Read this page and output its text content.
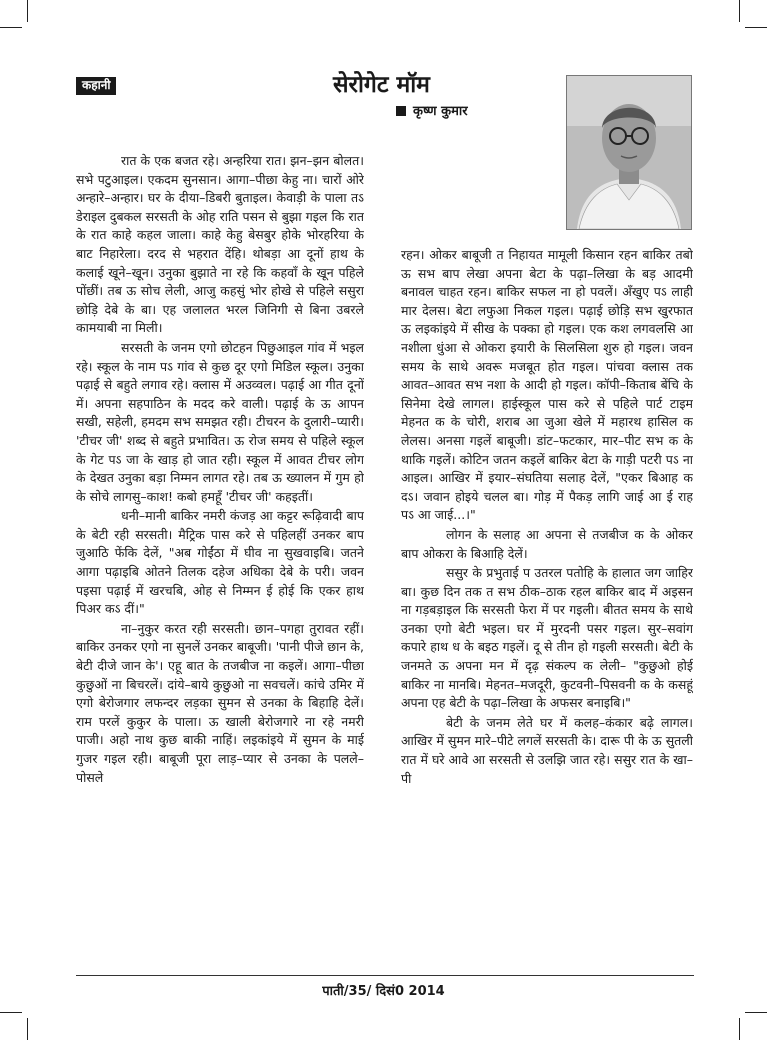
कहानी	सेरोगेट मॉम
कृष्ण कुमार

रात के एक बजत रहे। अन्हरिया रात। झन–झन बोलत। सभे पटुआइल। एकदम सुनसान। आगा–पीछा केहु ना। चारों ओरे अन्हारे–अन्हार। घर के दीया–डिबरी बुताइल। केवाड़ी के पाला तऽ डेराइल दुबकल सरसती के ओह राति पसन से बुझा गइल कि रात के रात काहे कहल जाला। काहे केहु बेसबुर होके भोरहरिया के बाट निहारेला। दरद से भहरात देंहि। थोबड़ा आ दूनों हाथ के कलाई खूने–खून। उनुका बुझाते ना रहे कि कहवाँ के खून पहिले पोंछीं। तब ऊ सोच लेली, आजु कहसुं भोर होखे से पहिले ससुरा छोड़ि देबे के बा। एह जलालत भरल जिनिगी से बिना उबरले कामयाबी ना मिली।

सरसती के जनम एगो छोटहन पिछुआइल गांव में भइल रहे। स्कूल के नाम पऽ गांव से कुछ दूर एगो मिडिल स्कूल। उनुका पढ़ाई से बहुते लगाव रहे। क्लास में अउव्वल। पढ़ाई आ गीत दूनों में। अपना सहपाठिन के मदद करे वाली। पढ़ाई के ऊ आपन सखी, सहेली, हमदम सभ समझत रही। टीचरन के दुलारी–प्यारी। 'टीचर जी' शब्द से बहुते प्रभावित। ऊ रोज समय से पहिले स्कूल के गेट पऽ जा के खाड़ हो जात रही। स्कूल में आवत टीचर लोग के देखत उनुका बड़ा निम्मन लागत रहे। तब ऊ ख्यालन में गुम हो के सोचे लागसु–काश! कबो हमहूँ 'टीचर जी' कहइतीं।

धनी–मानी बाकिर नमरी कंजड़ आ कट्टर रूढ़िवादी बाप के बेटी रही सरसती। मैट्रिक पास करे से पहिलहीं उनकर बाप जुआठि फेंकि देलें, "अब गोईंठा में घीव ना सुखवाइबि। जतने आगा पढ़ाइबि ओतने तिलक दहेज अधिका देबे के परी। जवन पइसा पढ़ाई में खरचबि, ओह से निम्मन ई होई कि एकर हाथ पिअर कऽ दीं।"

ना–नुकुर करत रही सरसती। छान–पगहा तुरावत रहीं। बाकिर उनकर एगो ना सुनलें उनकर बाबूजी। 'पानी पीजे छान के, बेटी दीजे जान के'। एहू बात के तजबीज ना कइलें। आगा–पीछा कुछुओं ना बिचरलें। दांये–बाये कुछुओ ना सवचलें। कांचे उमिर में एगो बेरोजगार लफन्दर लड़का सुमन से उनका के बिहाहि देलें। राम परलें कुकुर के पाला। ऊ खाली बेरोजगारे ना रहे नमरी पाजी। अहो नाथ कुछ बाकी नाहिं। लइकांइये में सुमन के माई गुजर गइल रही। बाबूजी पूरा लाड़–प्यार से उनका के पलले–पोसले

रहन। ओकर बाबूजी त निहायत मामूली किसान रहन बाकिर तबो ऊ सभ बाप लेखा अपना बेटा के पढ़ा–लिखा के बड़ आदमी बनावल चाहत रहन। बाकिर सफल ना हो पवलें। अँखुए पऽ लाही मार देलस। बेटा लफुआ निकल गइल। पढ़ाई छोड़ि सभ खुरफात ऊ लइकांइये में सीख के पक्का हो गइल। एक कश लगवलसि आ नशीला धुंआ से ओकरा इयारी के सिलसिला शुरु हो गइल। जवन समय के साथे अवरू मजबूत होत गइल। पांचवा क्लास तक आवत–आवत सभ नशा के आदी हो गइल। कॉपी–किताब बेंचि के सिनेमा देखे लागल। हाईस्कूल पास करे से पहिले पार्ट टाइम मेहनत क के चोरी, शराब आ जुआ खेले में महारथ हासिल क लेलस। अनसा गइलें बाबूजी। डांट–फटकार, मार–पीट सभ क के थाकि गइलें। कोटिन जतन कइलें बाकिर बेटा के गाड़ी पटरी पऽ ना आइल। आखिर में इयार–संघतिया सलाह देलें, "एकर बिआह क दऽ। जवान होइये चलल बा। गोड़ में पैकड़ लागि जाई आ ई राह पऽ आ जाई...।"

लोगन के सलाह आ अपना से तजबीज क के ओकर बाप ओकरा के बिआहि देलें।

ससुर के प्रभुताई प उतरल पतोहि के हालात जग जाहिर बा। कुछ दिन तक त सभ ठीक–ठाक रहल बाकिर बाद में अइसन ना गड़बड़ाइल कि सरसती फेरा में पर गइली। बीतत समय के साथे उनका एगो बेटी भइल। घर में मुरदनी पसर गइल। सुर–सवांग कपारे हाथ ध के बइठ गइलें। दू से तीन हो गइली सरसती। बेटी के जनमते ऊ अपना मन में दृढ़ संकल्प क लेली– "कुछुओ होई बाकिर ना मानबि। मेहनत–मजदूरी, कुटवनी–पिसवनी क के कसहूं अपना एह बेटी के पढ़ा–लिखा के अफसर बनाइबि।"

बेटी के जनम लेते घर में कलह–कंकार बढ़े लागल। आखिर में सुमन मारे–पीटे लगलें सरसती के। दारू पी के ऊ सुतली रात में घरे आवे आ सरसती से उलझि जात रहे। ससुर रात के खा–पी

पाती/35/ दिसं0 2014
